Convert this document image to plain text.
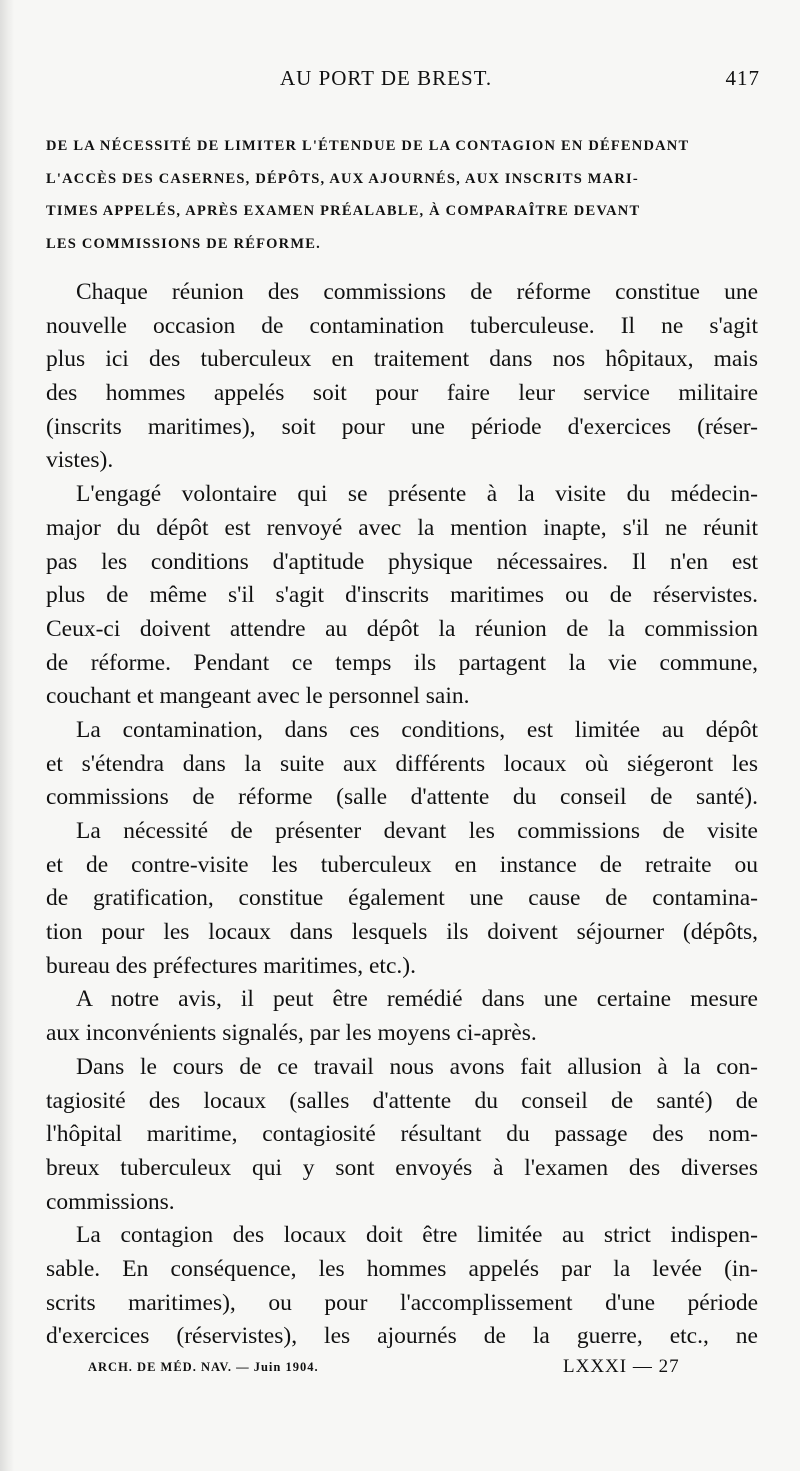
AU PORT DE BREST.	417
DE LA NÉCESSITÉ DE LIMITER L'ÉTENDUE DE LA CONTAGION EN DÉFENDANT
L'ACCÈS DES CASERNES, DÉPÔTS, AUX AJOURNÉS, AUX INSCRITS MARI-
TIMES APPELÉS, APRÈS EXAMEN PRÉALABLE, À COMPARAÎTRE DEVANT
LES COMMISSIONS DE RÉFORME.
Chaque réunion des commissions de réforme constitue une
nouvelle occasion de contamination tuberculeuse. Il ne s'agit
plus ici des tuberculeux en traitement dans nos hôpitaux, mais
des hommes appelés soit pour faire leur service militaire
(inscrits maritimes), soit pour une période d'exercices (réser-
vistes).
L'engagé volontaire qui se présente à la visite du médecin-
major du dépôt est renvoyé avec la mention inapte, s'il ne réunit
pas les conditions d'aptitude physique nécessaires. Il n'en est
plus de même s'il s'agit d'inscrits maritimes ou de réservistes.
Ceux-ci doivent attendre au dépôt la réunion de la commission
de réforme. Pendant ce temps ils partagent la vie commune,
couchant et mangeant avec le personnel sain.
La contamination, dans ces conditions, est limitée au dépôt
et s'étendra dans la suite aux différents locaux où siégeront les
commissions de réforme (salle d'attente du conseil de santé).
La nécessité de présenter devant les commissions de visite
et de contre-visite les tuberculeux en instance de retraite ou
de gratification, constitue également une cause de contamina-
tion pour les locaux dans lesquels ils doivent séjourner (dépôts,
bureau des préfectures maritimes, etc.).
A notre avis, il peut être remédié dans une certaine mesure
aux inconvénients signalés, par les moyens ci-après.
Dans le cours de ce travail nous avons fait allusion à la con-
tagiosité des locaux (salles d'attente du conseil de santé) de
l'hôpital maritime, contagiosité résultant du passage des nom-
breux tuberculeux qui y sont envoyés à l'examen des diverses
commissions.
La contagion des locaux doit être limitée au strict indispen-
sable. En conséquence, les hommes appelés par la levée (in-
scrits maritimes), ou pour l'accomplissement d'une période
d'exercices (réservistes), les ajournés de la guerre, etc., ne
ARCH. DE MÉD. NAV. — Juin 1904.	LXXXI — 27
